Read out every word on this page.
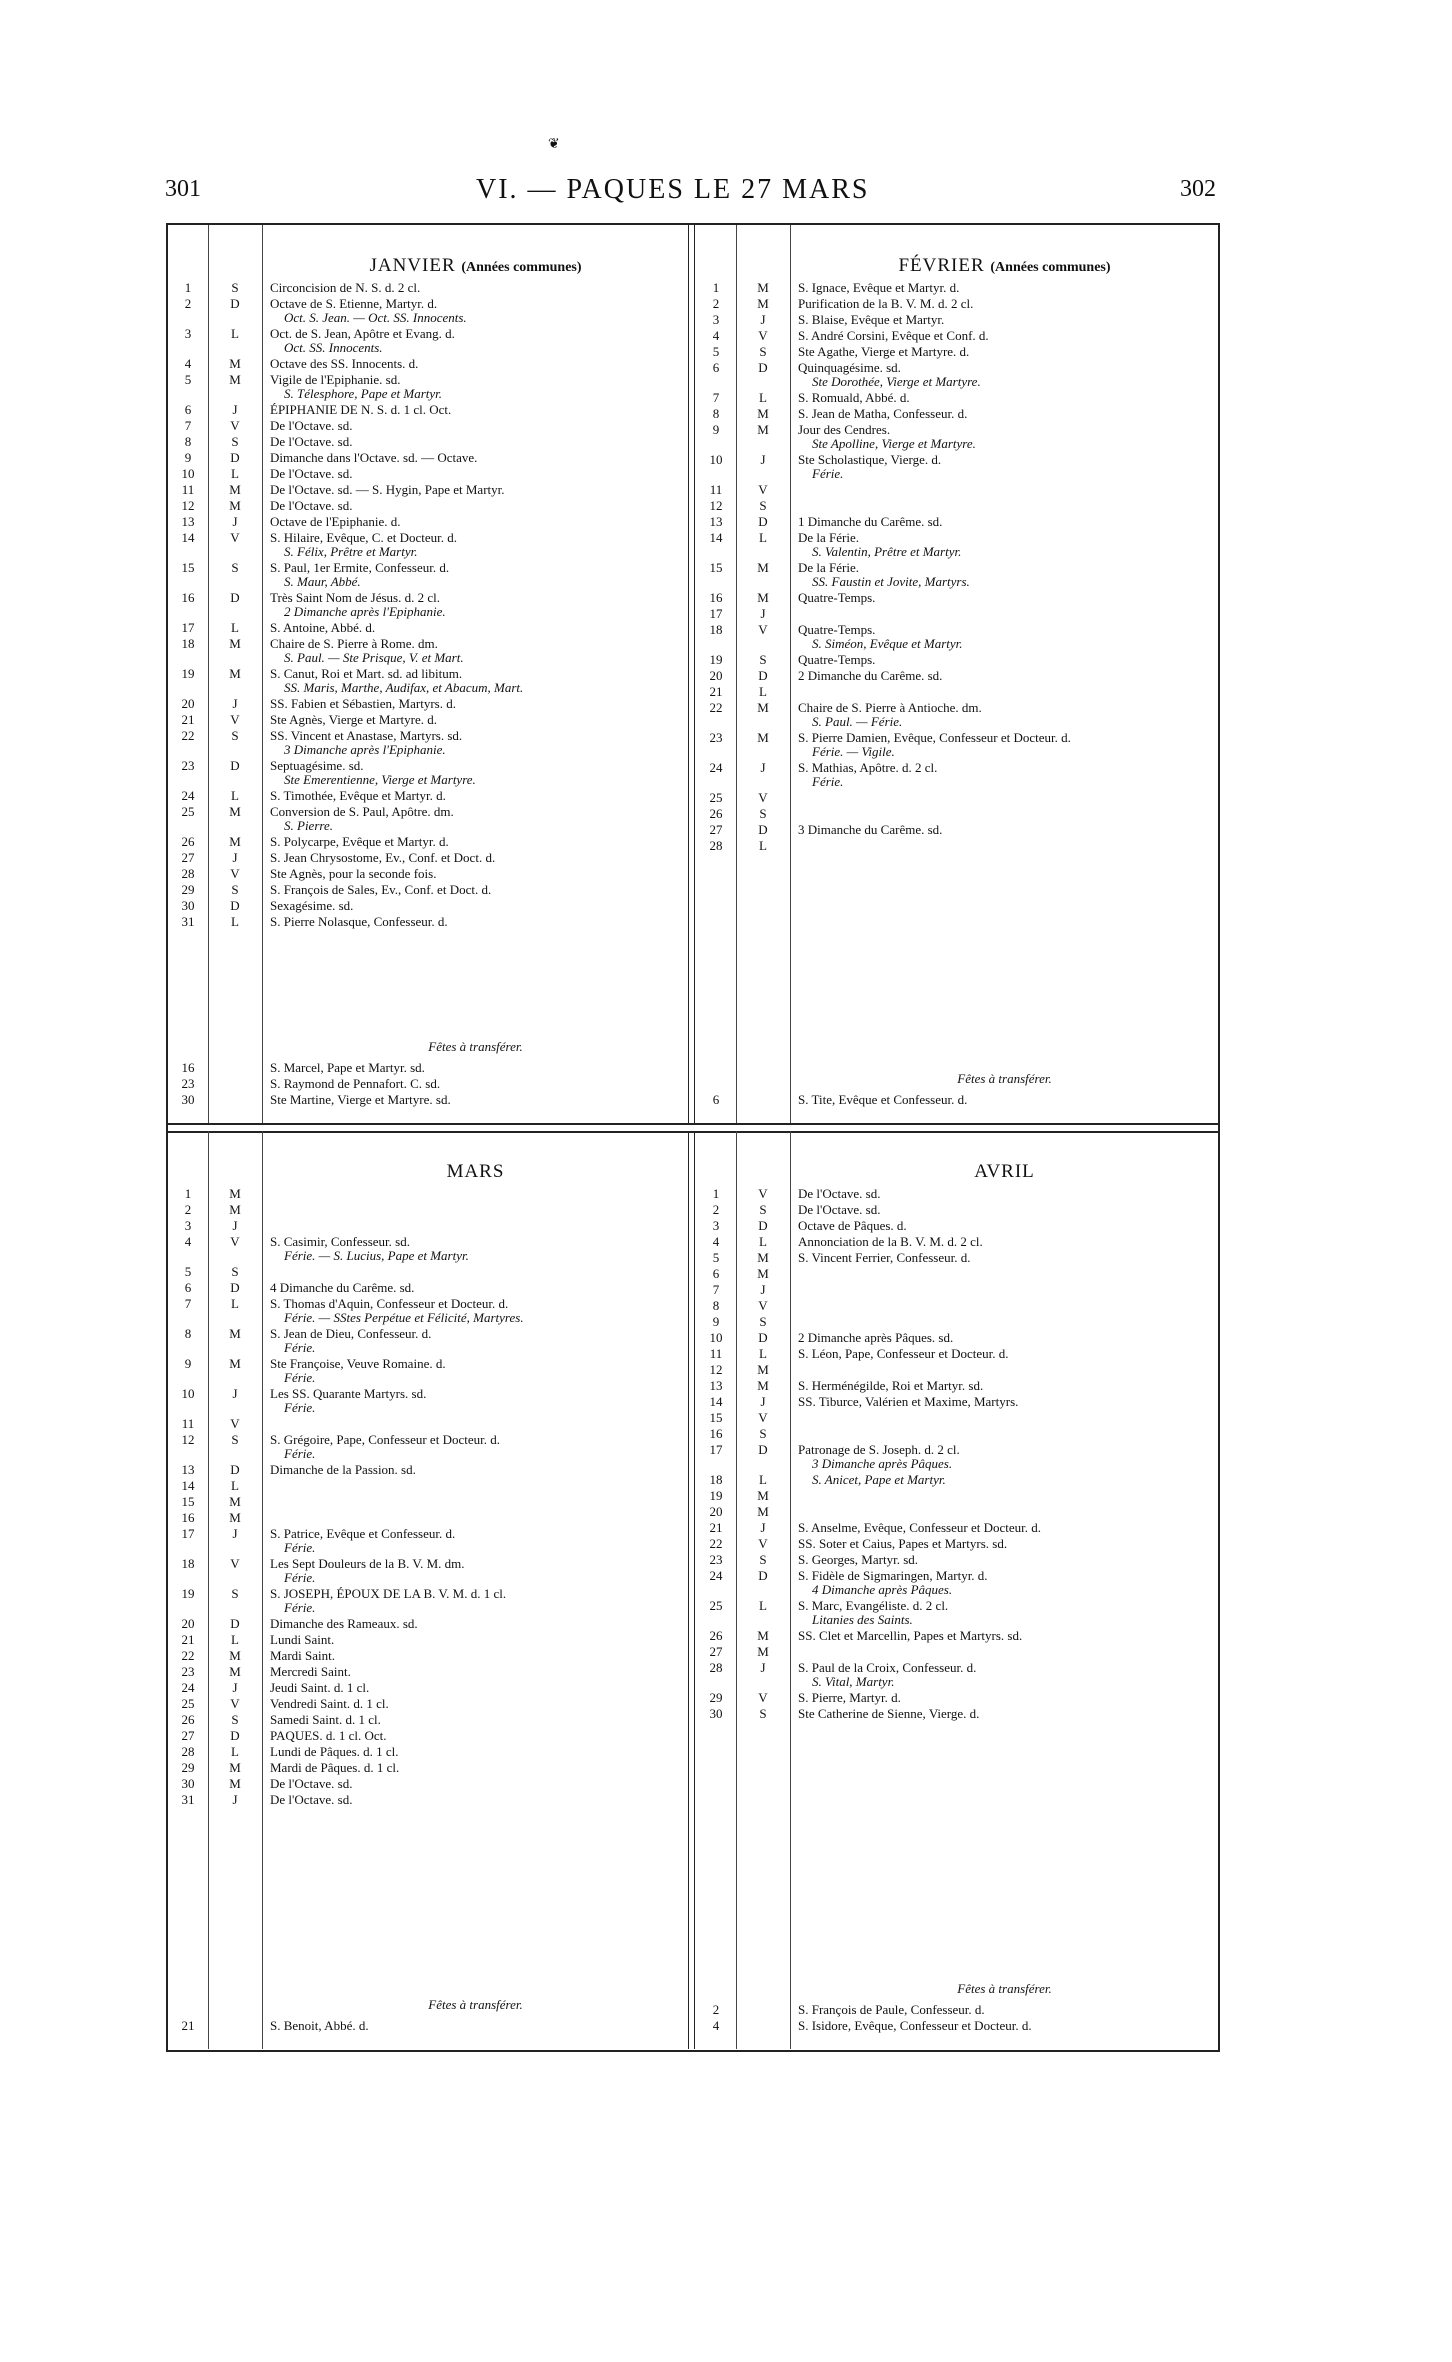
301	VI. — PAQUES LE 27 MARS	302
❦
JANVIER (Années communes)
1	S	Circoncision de N. S. d. 2 cl.
2	D	Octave de S. Etienne, Martyr. d.
Oct. S. Jean. — Oct. SS. Innocents.
3	L	Oct. de S. Jean, Apôtre et Evang. d.
Oct. SS. Innocents.
4	M	Octave des SS. Innocents. d.
5	M	Vigile de l'Epiphanie. sd.
S. Télesphore, Pape et Martyr.
6	J	ÉPIPHANIE DE N. S. d. 1 cl. Oct.
7	V	De l'Octave. sd.
8	S	De l'Octave. sd.
9	D	Dimanche dans l'Octave. sd. — Octave.
10	L	De l'Octave. sd.
11	M	De l'Octave. sd. — S. Hygin, Pape et Martyr.
12	M	De l'Octave. sd.
13	J	Octave de l'Epiphanie. d.
14	V	S. Hilaire, Evêque, C. et Docteur. d.
S. Félix, Prêtre et Martyr.
15	S	S. Paul, 1er Ermite, Confesseur. d.
S. Maur, Abbé.
16	D	Très Saint Nom de Jésus. d. 2 cl.
2 Dimanche après l'Epiphanie.
17	L	S. Antoine, Abbé. d.
18	M	Chaire de S. Pierre à Rome. dm.
S. Paul. — Ste Prisque, V. et Mart.
19	M	S. Canut, Roi et Mart. sd. ad libitum.
SS. Maris, Marthe, Audifax, et Abacum, Mart.
20	J	SS. Fabien et Sébastien, Martyrs. d.
21	V	Ste Agnès, Vierge et Martyre. d.
22	S	SS. Vincent et Anastase, Martyrs. sd.
3 Dimanche après l'Epiphanie.
23	D	Septuagésime. sd.
Ste Emerentienne, Vierge et Martyre.
24	L	S. Timothée, Evêque et Martyr. d.
25	M	Conversion de S. Paul, Apôtre. dm.
S. Pierre.
26	M	S. Polycarpe, Evêque et Martyr. d.
27	J	S. Jean Chrysostome, Ev., Conf. et Doct. d.
28	V	Ste Agnès, pour la seconde fois.
29	S	S. François de Sales, Ev., Conf. et Doct. d.
30	D	Sexagésime. sd.
31	L	S. Pierre Nolasque, Confesseur. d.
Fêtes à transférer.
16	S. Marcel, Pape et Martyr. sd.
23	S. Raymond de Pennafort. C. sd.
30	Ste Martine, Vierge et Martyre. sd.
FÉVRIER (Années communes)
1	M	S. Ignace, Evêque et Martyr. d.
2	M	Purification de la B. V. M. d. 2 cl.
3	J	S. Blaise, Evêque et Martyr.
4	V	S. André Corsini, Evêque et Conf. d.
5	S	Ste Agathe, Vierge et Martyre. d.
6	D	Quinquagésime. sd.
Ste Dorothée, Vierge et Martyre.
7	L	S. Romuald, Abbé. d.
8	M	S. Jean de Matha, Confesseur. d.
9	M	Jour des Cendres.
Ste Apolline, Vierge et Martyre.
10	J	Ste Scholastique, Vierge. d.
Férie.
11	V
12	S
13	D	1 Dimanche du Carême. sd.
14	L	De la Férie.
S. Valentin, Prêtre et Martyr.
15	M	De la Férie.
SS. Faustin et Jovite, Martyrs.
16	M	Quatre-Temps.
17	J
18	V	Quatre-Temps.
S. Siméon, Evêque et Martyr.
19	S	Quatre-Temps.
20	D	2 Dimanche du Carême. sd.
21	L
22	M	Chaire de S. Pierre à Antioche. dm.
S. Paul. — Férie.
23	M	S. Pierre Damien, Evêque, Confesseur et Docteur. d.
Férie. — Vigile.
24	J	S. Mathias, Apôtre. d. 2 cl.
Férie.
25	V
26	S
27	D	3 Dimanche du Carême. sd.
28	L
Fêtes à transférer.
6	S. Tite, Evêque et Confesseur. d.
MARS
1	M
2	M
3	J
4	V	S. Casimir, Confesseur. sd.
Férie. — S. Lucius, Pape et Martyr.
5	S
6	D	4 Dimanche du Carême. sd.
7	L	S. Thomas d'Aquin, Confesseur et Docteur. d.
Férie. — SStes Perpétue et Félicité, Martyres.
8	M	S. Jean de Dieu, Confesseur. d.
Férie.
9	M	Ste Françoise, Veuve Romaine. d.
Férie.
10	J	Les SS. Quarante Martyrs. sd.
Férie.
11	V
12	S	S. Grégoire, Pape, Confesseur et Docteur. d.
Férie.
13	D	Dimanche de la Passion. sd.
14	L
15	M
16	M
17	J	S. Patrice, Evêque et Confesseur. d.
Férie.
18	V	Les Sept Douleurs de la B. V. M. dm.
Férie.
19	S	S. JOSEPH, ÉPOUX DE LA B. V. M. d. 1 cl.
Férie.
20	D	Dimanche des Rameaux. sd.
21	L	Lundi Saint.
22	M	Mardi Saint.
23	M	Mercredi Saint.
24	J	Jeudi Saint. d. 1 cl.
25	V	Vendredi Saint. d. 1 cl.
26	S	Samedi Saint. d. 1 cl.
27	D	PAQUES. d. 1 cl. Oct.
28	L	Lundi de Pâques. d. 1 cl.
29	M	Mardi de Pâques. d. 1 cl.
30	M	De l'Octave. sd.
31	J	De l'Octave. sd.
Fêtes à transférer.
21	S. Benoit, Abbé. d.
AVRIL
1	V	De l'Octave. sd.
2	S	De l'Octave. sd.
3	D	Octave de Pâques. d.
4	L	Annonciation de la B. V. M. d. 2 cl.
5	M	S. Vincent Ferrier, Confesseur. d.
6	M
7	J
8	V
9	S
10	D	2 Dimanche après Pâques. sd.
11	L	S. Léon, Pape, Confesseur et Docteur. d.
12	M
13	M	S. Herménégilde, Roi et Martyr. sd.
14	J	SS. Tiburce, Valérien et Maxime, Martyrs.
15	V
16	S
17	D	Patronage de S. Joseph. d. 2 cl.
3 Dimanche après Pâques.
18	L	S. Anicet, Pape et Martyr.
19	M
20	M
21	J	S. Anselme, Evêque, Confesseur et Docteur. d.
22	V	SS. Soter et Caius, Papes et Martyrs. sd.
23	S	S. Georges, Martyr. sd.
24	D	S. Fidèle de Sigmaringen, Martyr. d.
4 Dimanche après Pâques.
25	L	S. Marc, Evangéliste. d. 2 cl.
Litanies des Saints.
26	M	SS. Clet et Marcellin, Papes et Martyrs. sd.
27	M
28	J	S. Paul de la Croix, Confesseur. d.
S. Vital, Martyr.
29	V	S. Pierre, Martyr. d.
30	S	Ste Catherine de Sienne, Vierge. d.
Fêtes à transférer.
2	S. François de Paule, Confesseur. d.
4	S. Isidore, Evêque, Confesseur et Docteur. d.
